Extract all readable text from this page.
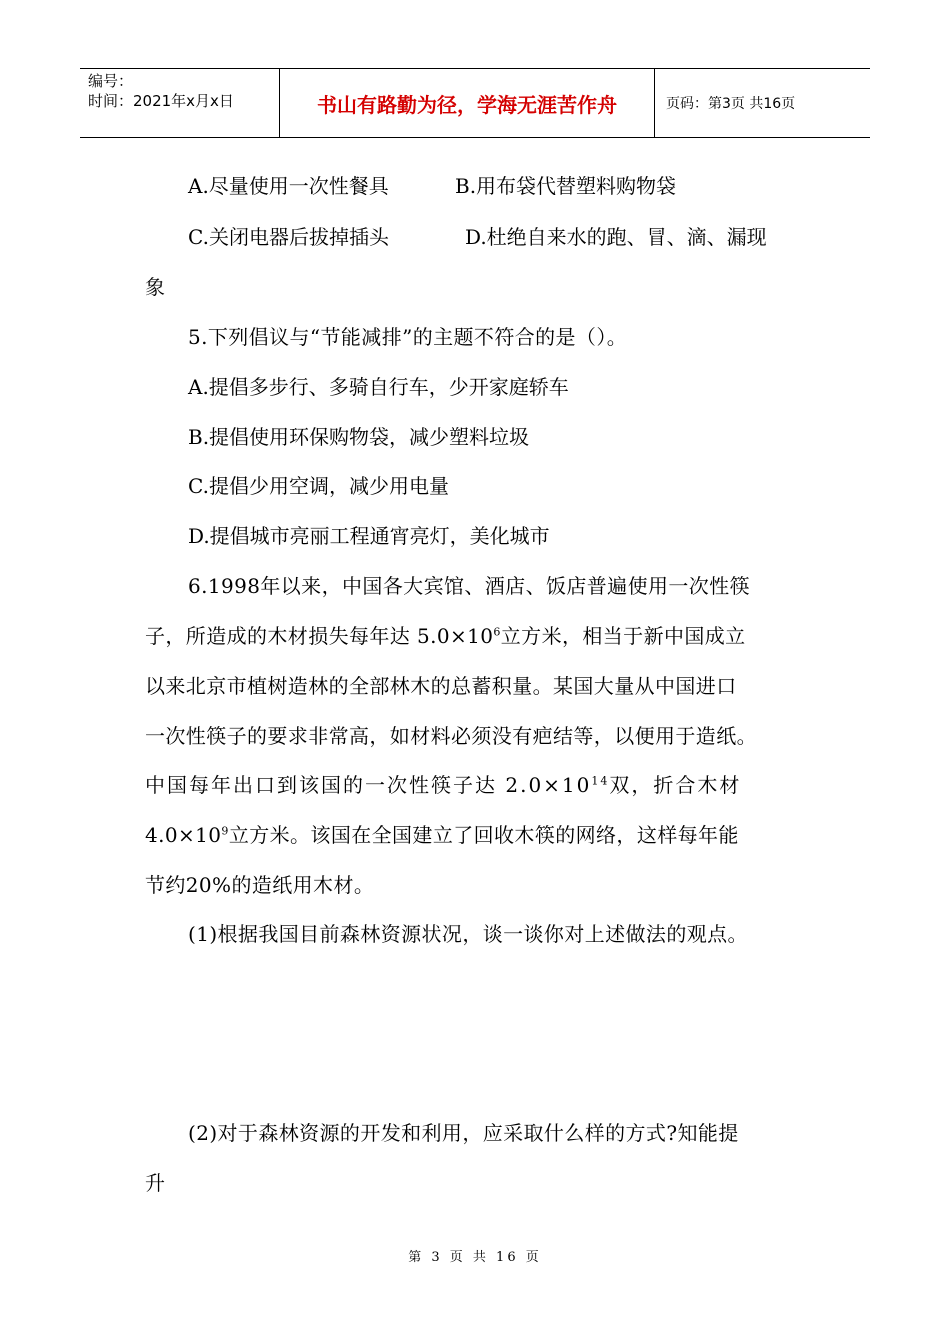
编号：
时间：2021年x月x日	书山有路勤为径，学海无涯苦作舟	页码：第3页 共16页
A.尽量使用一次性餐具	B.用布袋代替塑料购物袋
C.关闭电器后拔掉插头	D.杜绝自来水的跑、冒、滴、漏现
象
5.下列倡议与“节能减排”的主题不符合的是（）。
A.提倡多步行、多骑自行车，少开家庭轿车
B.提倡使用环保购物袋，减少塑料垃圾
C.提倡少用空调，减少用电量
D.提倡城市亮丽工程通宵亮灯，美化城市
6.1998年以来，中国各大宾馆、酒店、饭店普遍使用一次性筷
子，所造成的木材损失每年达 $5.0\times 10^6$立方米，相当于新中国成立
以来北京市植树造林的全部林木的总蓄积量。某国大量从中国进口
一次性筷子的要求非常高，如材料必须没有疤结等，以便用于造纸。
中国每年出口到该国的一次性筷子达 $2.0\times 10^{14}$双，折合木材
$4.0\times 10^9$立方米。该国在全国建立了回收木筷的网络，这样每年能
节约20%的造纸用木材。
(1)根据我国目前森林资源状况，谈一谈你对上述做法的观点。
(2)对于森林资源的开发和利用，应采取什么样的方式?知能提
升
第 3 页 共 16 页
